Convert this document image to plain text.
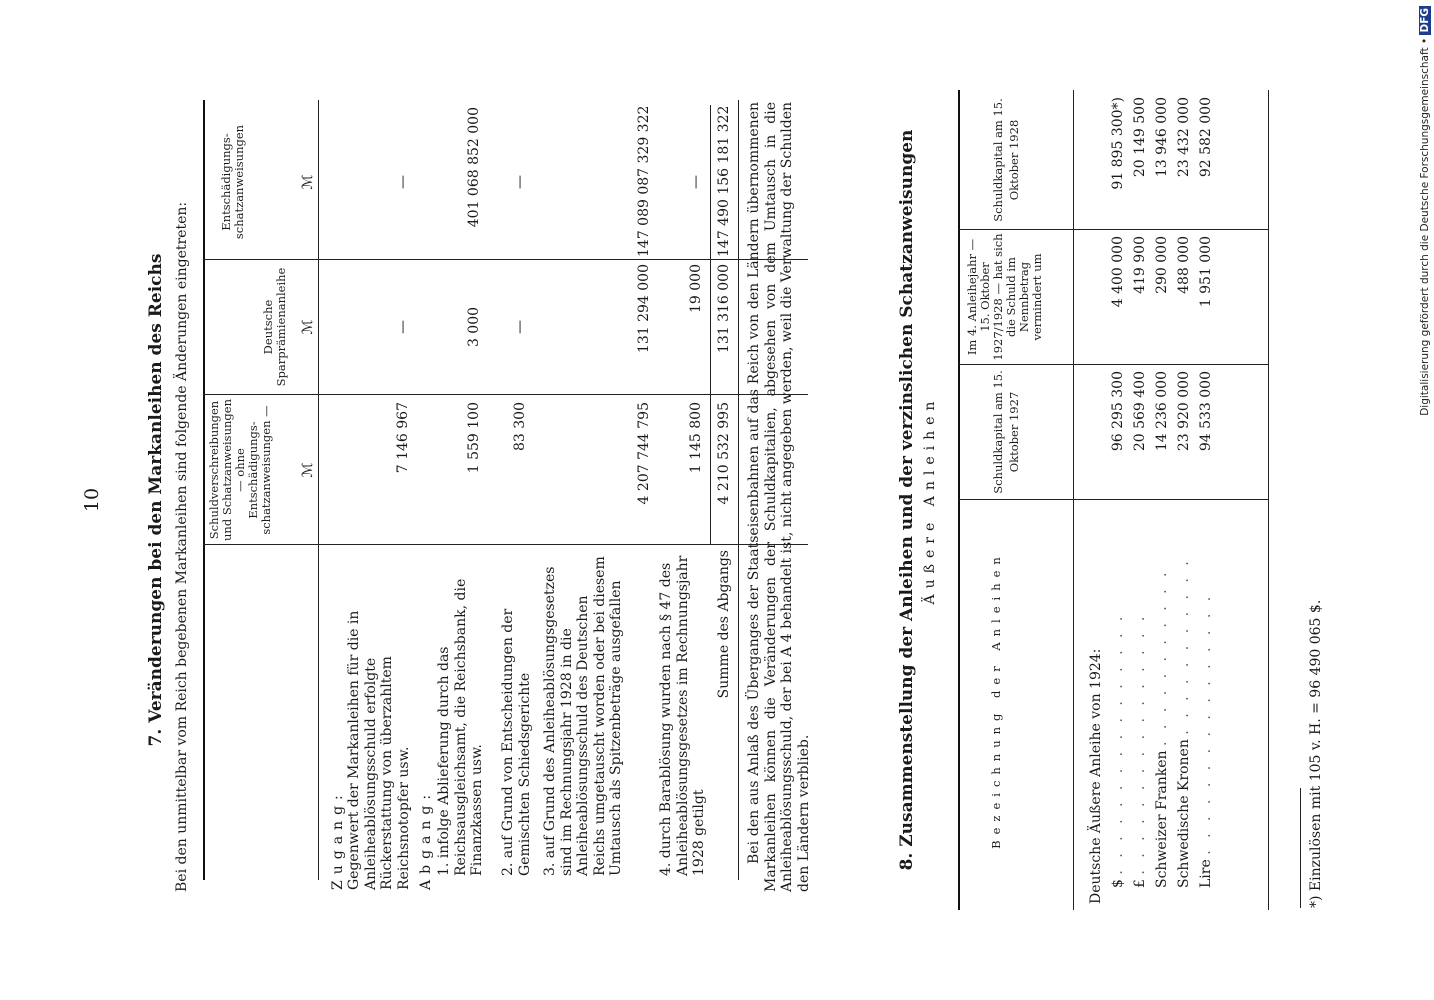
10	7. Veränderungen bei den Markanleihen des Reichs Bei den unmittelbar vom Reich begebenen Markanleihen sind folgende Änderungen eingetreten: Schuldverschreibungen und Schatzanweisungen — ohne Entschädigungs-schatzanweisungen —
Deutsche Sparprämienanleihe
Entschädigungs-schatzanweisungen
ℳ
ℳ
ℳ
Zugang: Gegenwert der Markanleihen für die in Anleiheablösungsschuld erfolgte Rückerstattung von überzahltem Reichsnotopfer usw.
7 146 967
—
—
Abgang: 1. infolge Ablieferung durch das Reichsausgleichsamt, die Reichsbank, die Finanzkassen usw.
1 559 100
3 000
401 068 852 000
2. auf Grund von Entscheidungen der Gemischten Schiedsgerichte
83 300
—
—
3. auf Grund des Anleiheablösungsgesetzes sind im Rechnungsjahr 1928 in die Anleiheablösungsschuld des Deutschen Reichs umgetauscht worden oder bei diesem Umtausch als Spitzenbeträge ausgefallen
4 207 744 795
131 294 000
147 089 087 329 322
4. durch Barablösung wurden nach § 47 des Anleiheablösungsgesetzes im Rechnungsjahr 1928 getilgt
1 145 800
19 000
—
Summe des Abgangs
4 210 532 995
131 316 000
147 490 156 181 322 Bei den aus Anlaß des Überganges der Staatseisenbahnen auf das Reich von den Ländern übernommenen Markanleihen können die Veränderungen der Schuldkapitalien, abgesehen von dem Umtausch in die Anleiheablösungsschuld, der bei A 4 behandelt ist, nicht angegeben werden, weil die Verwaltung der Schulden den Ländern verblieb.	8. Zusammenstellung der Anleihen und der verzinslichen Schatzanweisungen Äußere Anleihen
Bezeichnung der Anleihen
Schuldkapital am 15. Oktober 1927
Im 4. Anleihejahr — 15. Oktober 1927/1928 — hat sich die Schuld im Nennbetrag vermindert um
Schuldkapital am 15. Oktober 1928
Deutsche Äußere Anleihe von 1924: $ . . . . . . . . . . . . . . . .
96 295 300
4 400 000
91 895 300*)
£ . . . . . . . . . . . . . . . .
20 569 400
419 900
20 149 500
Schweizer Franken . . . . . . . . . . .
14 236 000
290 000
13 946 000
Schwedische Kronen . . . . . . . . . . .
23 920 000
488 000
23 432 000
Lire . . . . . . . . . . . . . . . .
94 533 000
1 951 000
92 582 000
*) Einzulösen mit 105 v. H. = 96 490 065 $.
Digitalisierung gefördert durch die Deutsche Forschungsgemeinschaft • DFG
